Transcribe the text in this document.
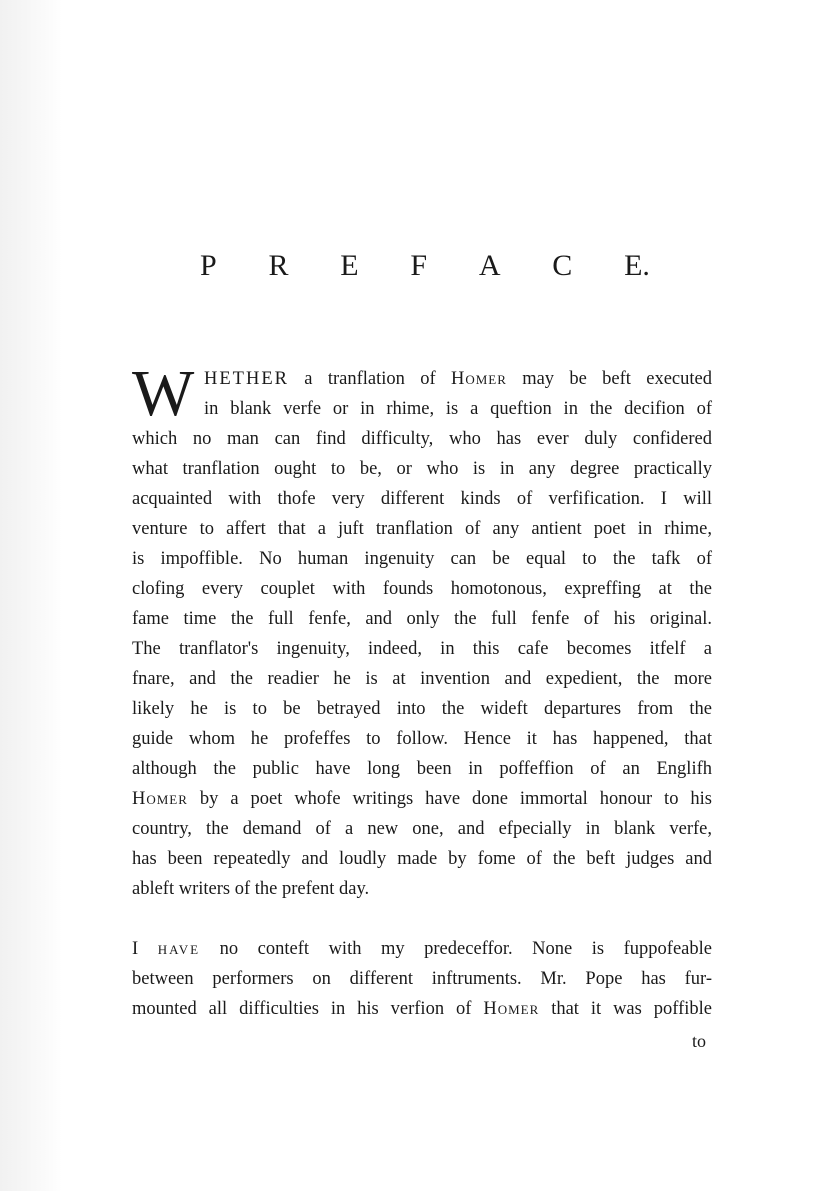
P R E F A C E.
W HETHER a tranflation of Homer may be beft executed
in blank verfe or in rhime, is a queftion in the decifion of
which no man can find difficulty, who has ever duly confidered
what tranflation ought to be, or who is in any degree practically
acquainted with thofe very different kinds of verfification. I will
venture to affert that a juft tranflation of any antient poet in rhime,
is impoffible. No human ingenuity can be equal to the tafk of
clofing every couplet with founds homotonous, expreffing at the
fame time the full fenfe, and only the full fenfe of his original.
The tranflator's ingenuity, indeed, in this cafe becomes itfelf a
fnare, and the readier he is at invention and expedient, the more
likely he is to be betrayed into the wideft departures from the
guide whom he profeffes to follow. Hence it has happened, that
although the public have long been in poffeffion of an Englifh
Homer by a poet whofe writings have done immortal honour to his
country, the demand of a new one, and efpecially in blank verfe,
has been repeatedly and loudly made by fome of the beft judges and
ableft writers of the prefent day.
I have no conteft with my predeceffor. None is fuppofeable
between performers on different inftruments. Mr. Pope has fur-
mounted all difficulties in his verfion of Homer that it was poffible
to
